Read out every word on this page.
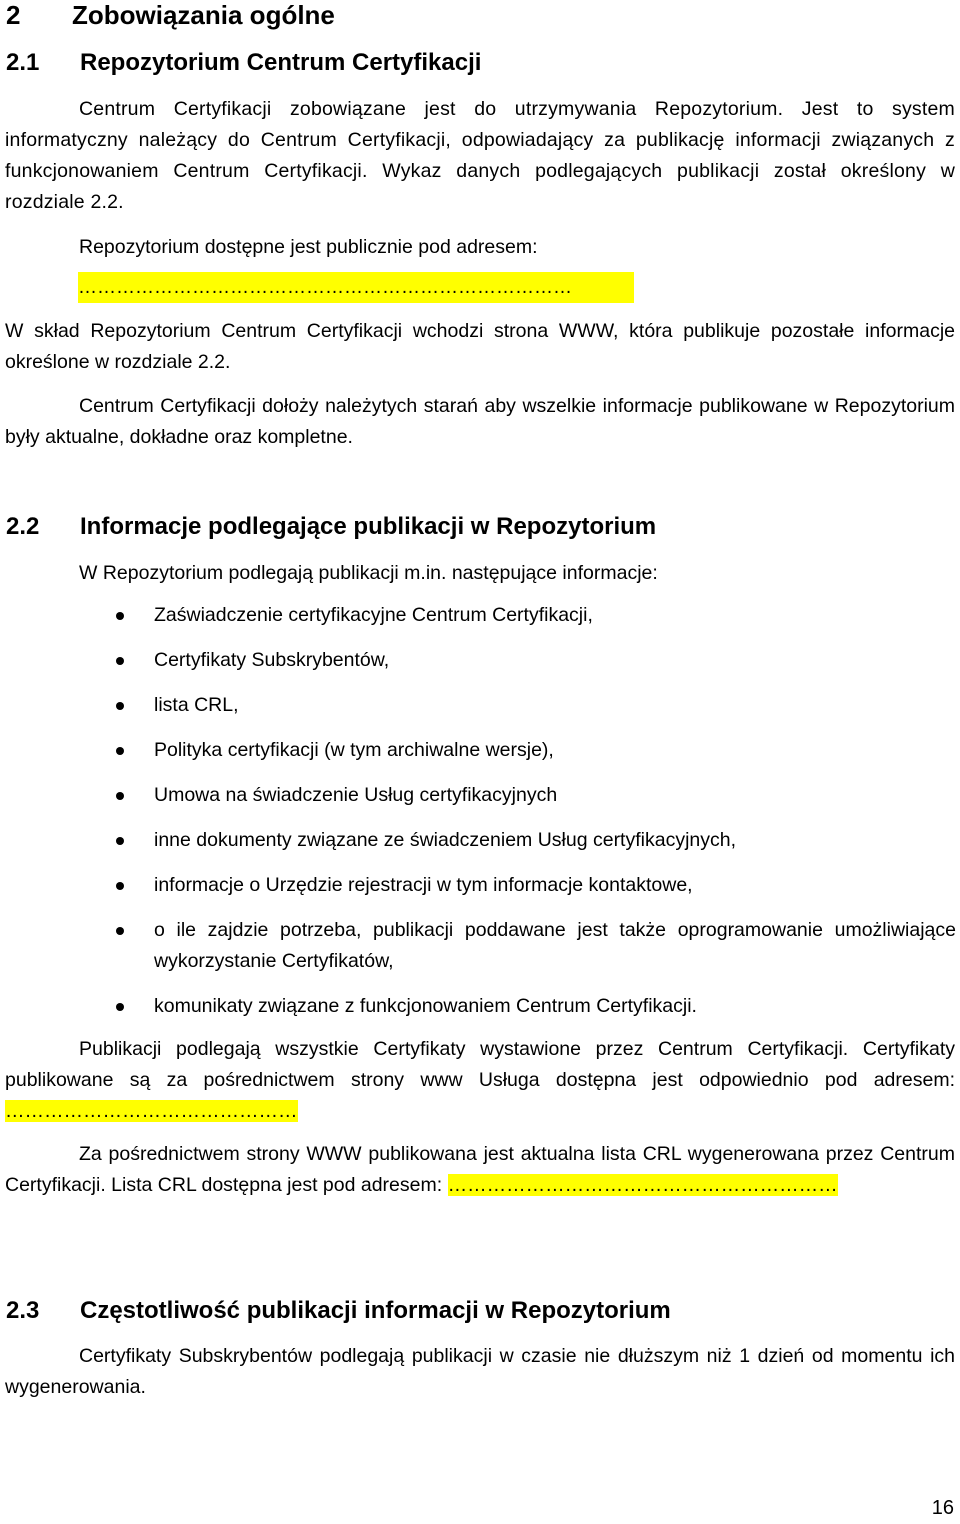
2 Zobowiązania ogólne
2.1 Repozytorium Centrum Certyfikacji
Centrum Certyfikacji zobowiązane jest do utrzymywania Repozytorium. Jest to system informatyczny należący do Centrum Certyfikacji, odpowiadający za publikację informacji związanych z funkcjonowaniem Centrum Certyfikacji. Wykaz danych podlegających publikacji został określony w rozdziale 2.2.
Repozytorium dostępne jest publicznie pod adresem:
……………………………………………………………………
W skład Repozytorium Centrum Certyfikacji wchodzi strona WWW, która publikuje pozostałe informacje określone w rozdziale 2.2.
Centrum Certyfikacji dołoży należytych starań aby wszelkie informacje publikowane w Repozytorium były aktualne, dokładne oraz kompletne.
2.2 Informacje podlegające publikacji w Repozytorium
W Repozytorium podlegają publikacji m.in. następujące informacje:
Zaświadczenie certyfikacyjne Centrum Certyfikacji,
Certyfikaty Subskrybentów,
lista CRL,
Polityka certyfikacji (w tym archiwalne wersje),
Umowa na świadczenie Usług certyfikacyjnych
inne dokumenty związane ze świadczeniem Usług certyfikacyjnych,
informacje o Urzędzie rejestracji w tym informacje kontaktowe,
o ile zajdzie potrzeba, publikacji poddawane jest także oprogramowanie umożliwiające wykorzystanie Certyfikatów,
komunikaty związane z funkcjonowaniem Centrum Certyfikacji.
Publikacji podlegają wszystkie Certyfikaty wystawione przez Centrum Certyfikacji. Certyfikaty publikowane są za pośrednictwem strony www Usługa dostępna jest odpowiednio pod adresem: ………………………………………
Za pośrednictwem strony WWW publikowana jest aktualna lista CRL wygenerowana przez Centrum Certyfikacji. Lista CRL dostępna jest pod adresem: ……………………………………………………
2.3 Częstotliwość publikacji informacji w Repozytorium
Certyfikaty Subskrybentów podlegają publikacji w czasie nie dłuższym niż 1 dzień od momentu ich wygenerowania.
16
